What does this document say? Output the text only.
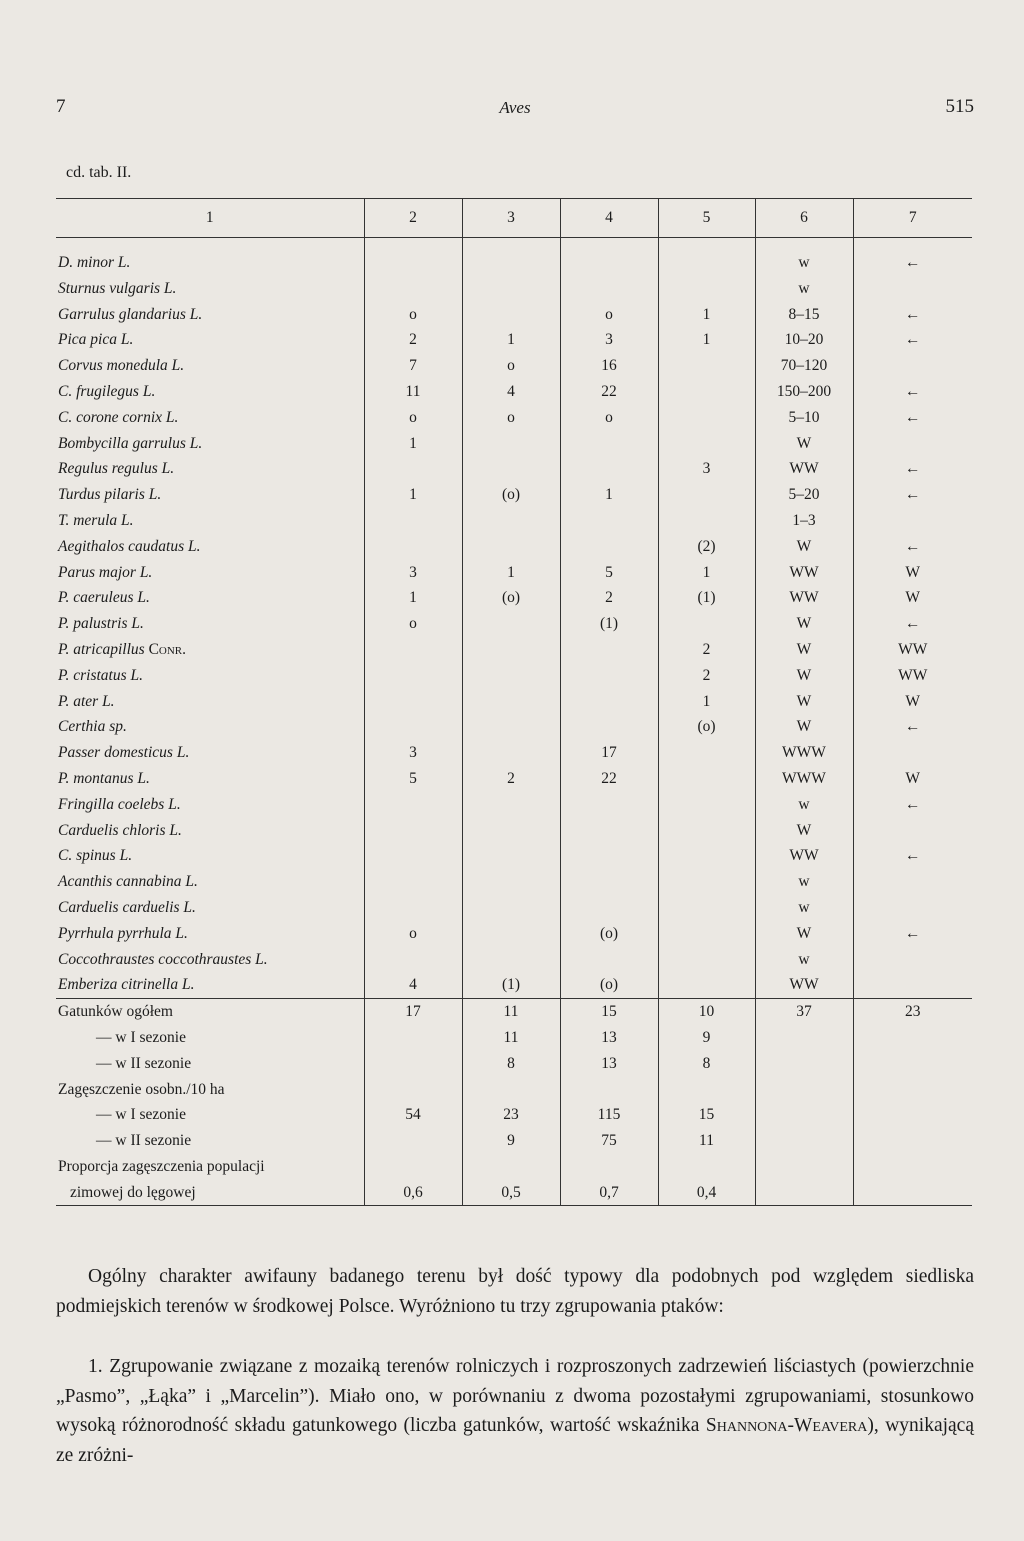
7	Aves	515
cd. tab. II.
1	2	3	4	5	6	7

D. minor L.					w	←
Sturnus vulgaris L.					w	
Garrulus glandarius L.	o		o	1	8–15	←
Pica pica L.	2	1	3	1	10–20	←
Corvus monedula L.	7	o	16		70–120	
C. frugilegus L.	11	4	22		150–200	←
C. corone cornix L.	o	o	o		5–10	←
Bombycilla garrulus L.	1				W	
Regulus regulus L.				3	WW	←
Turdus pilaris L.	1	(o)	1		5–20	←
T. merula L.					1–3	
Aegithalos caudatus L.				(2)	W	←
Parus major L.	3	1	5	1	WW	W
P. caeruleus L.	1	(o)	2	(1)	WW	W
P. palustris L.	o		(1)		W	←
P. atricapillus Conr.				2	W	WW
P. cristatus L.				2	W	WW
P. ater L.				1	W	W
Certhia sp.				(o)	W	←
Passer domesticus L.	3		17		WWW	
P. montanus L.	5	2	22		WWW	W
Fringilla coelebs L.					w	←
Carduelis chloris L.					W	
C. spinus L.					WW	←
Acanthis cannabina L.					w	
Carduelis carduelis L.					w	
Pyrrhula pyrrhula L.	o		(o)		W	←
Coccothraustes coccothraustes L.					w	
Emberiza citrinella L.	4	(1)	(o)		WW	
Gatunków ogółem	17	11	15	10	37	23
— w I sezonie		11	13	9		
— w II sezonie		8	13	8		
Zagęszczenie osobn./10 ha						
— w I sezonie	54	23	115	15		
— w II sezonie		9	75	11		
Proporcja zagęszczenia populacji						
zimowej do lęgowej	0,6	0,5	0,7	0,4		
Ogólny charakter awifauny badanego terenu był dość typowy dla podobnych pod względem siedliska podmiejskich terenów w środkowej Polsce. Wyróżniono tu trzy zgrupowania ptaków:
1. Zgrupowanie związane z mozaiką terenów rolniczych i rozproszonych zadrzewień liściastych (powierzchnie „Pasmo”, „Łąka” i „Marcelin”). Miało ono, w porównaniu z dwoma pozostałymi zgrupowaniami, stosunkowo wysoką różnorodność składu gatunkowego (liczba gatunków, wartość wskaźnika Shannona-Weavera), wynikającą ze zróżni-
